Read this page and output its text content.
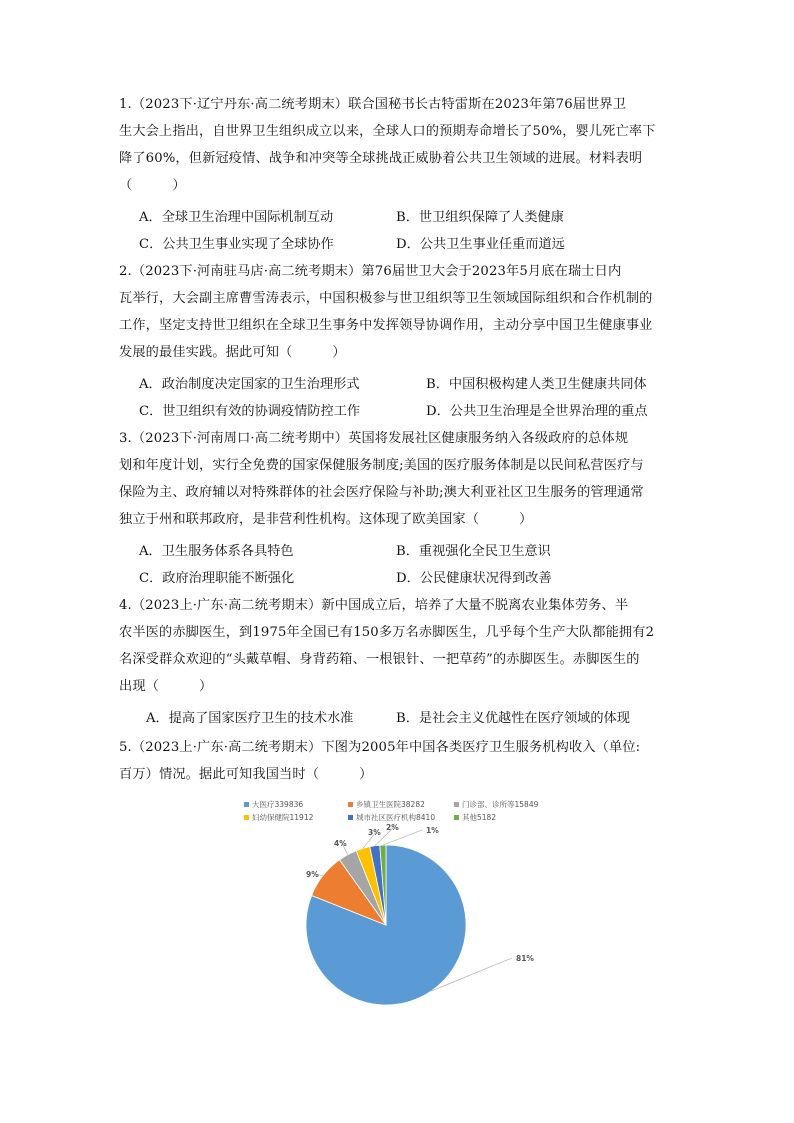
1.（2023下·辽宁丹东·高二统考期末）联合国秘书长古特雷斯在2023年第76届世界卫
生大会上指出，自世界卫生组织成立以来，全球人口的预期寿命增长了50%，婴儿死亡率下
降了60%，但新冠疫情、战争和冲突等全球挑战正威胁着公共卫生领域的进展。材料表明
（　　　）
A．全球卫生治理中国际机制互动	B．世卫组织保障了人类健康
C．公共卫生事业实现了全球协作	D．公共卫生事业任重而道远
2.（2023下·河南驻马店·高二统考期末）第76届世卫大会于2023年5月底在瑞士日内
瓦举行，大会副主席曹雪涛表示，中国积极参与世卫组织等卫生领域国际组织和合作机制的
工作，坚定支持世卫组织在全球卫生事务中发挥领导协调作用，主动分享中国卫生健康事业
发展的最佳实践。据此可知（　　　）
A．政治制度决定国家的卫生治理形式	B．中国积极构建人类卫生健康共同体
C．世卫组织有效的协调疫情防控工作	D．公共卫生治理是全世界治理的重点
3.（2023下·河南周口·高二统考期中）英国将发展社区健康服务纳入各级政府的总体规
划和年度计划，实行全免费的国家保健服务制度;美国的医疗服务体制是以民间私营医疗与
保险为主、政府辅以对特殊群体的社会医疗保险与补助;澳大利亚社区卫生服务的管理通常
独立于州和联邦政府，是非营利性机构。这体现了欧美国家（　　　）
A．卫生服务体系各具特色	B．重视强化全民卫生意识
C．政府治理职能不断强化	D．公民健康状况得到改善
4.（2023上·广东·高二统考期末）新中国成立后，培养了大量不脱离农业集体劳务、半
农半医的赤脚医生，到1975年全国已有150多万名赤脚医生，几乎每个生产大队都能拥有2
名深受群众欢迎的“头戴草帽、身背药箱、一根银针、一把草药”的赤脚医生。赤脚医生的
出现（　　　）
A．提高了国家医疗卫生的技术水准	B．是社会主义优越性在医疗领域的体现
5.（2023上·广东·高二统考期末）下图为2005年中国各类医疗卫生服务机构收入（单位:
百万）情况。据此可知我国当时（　　　）
大医疗339836	乡镇卫生医院38282	门诊部、诊所等15849
妇幼保健院11912	城市社区医疗机构8410	其他5182
81%
9%
4%
3%
2%	1%
